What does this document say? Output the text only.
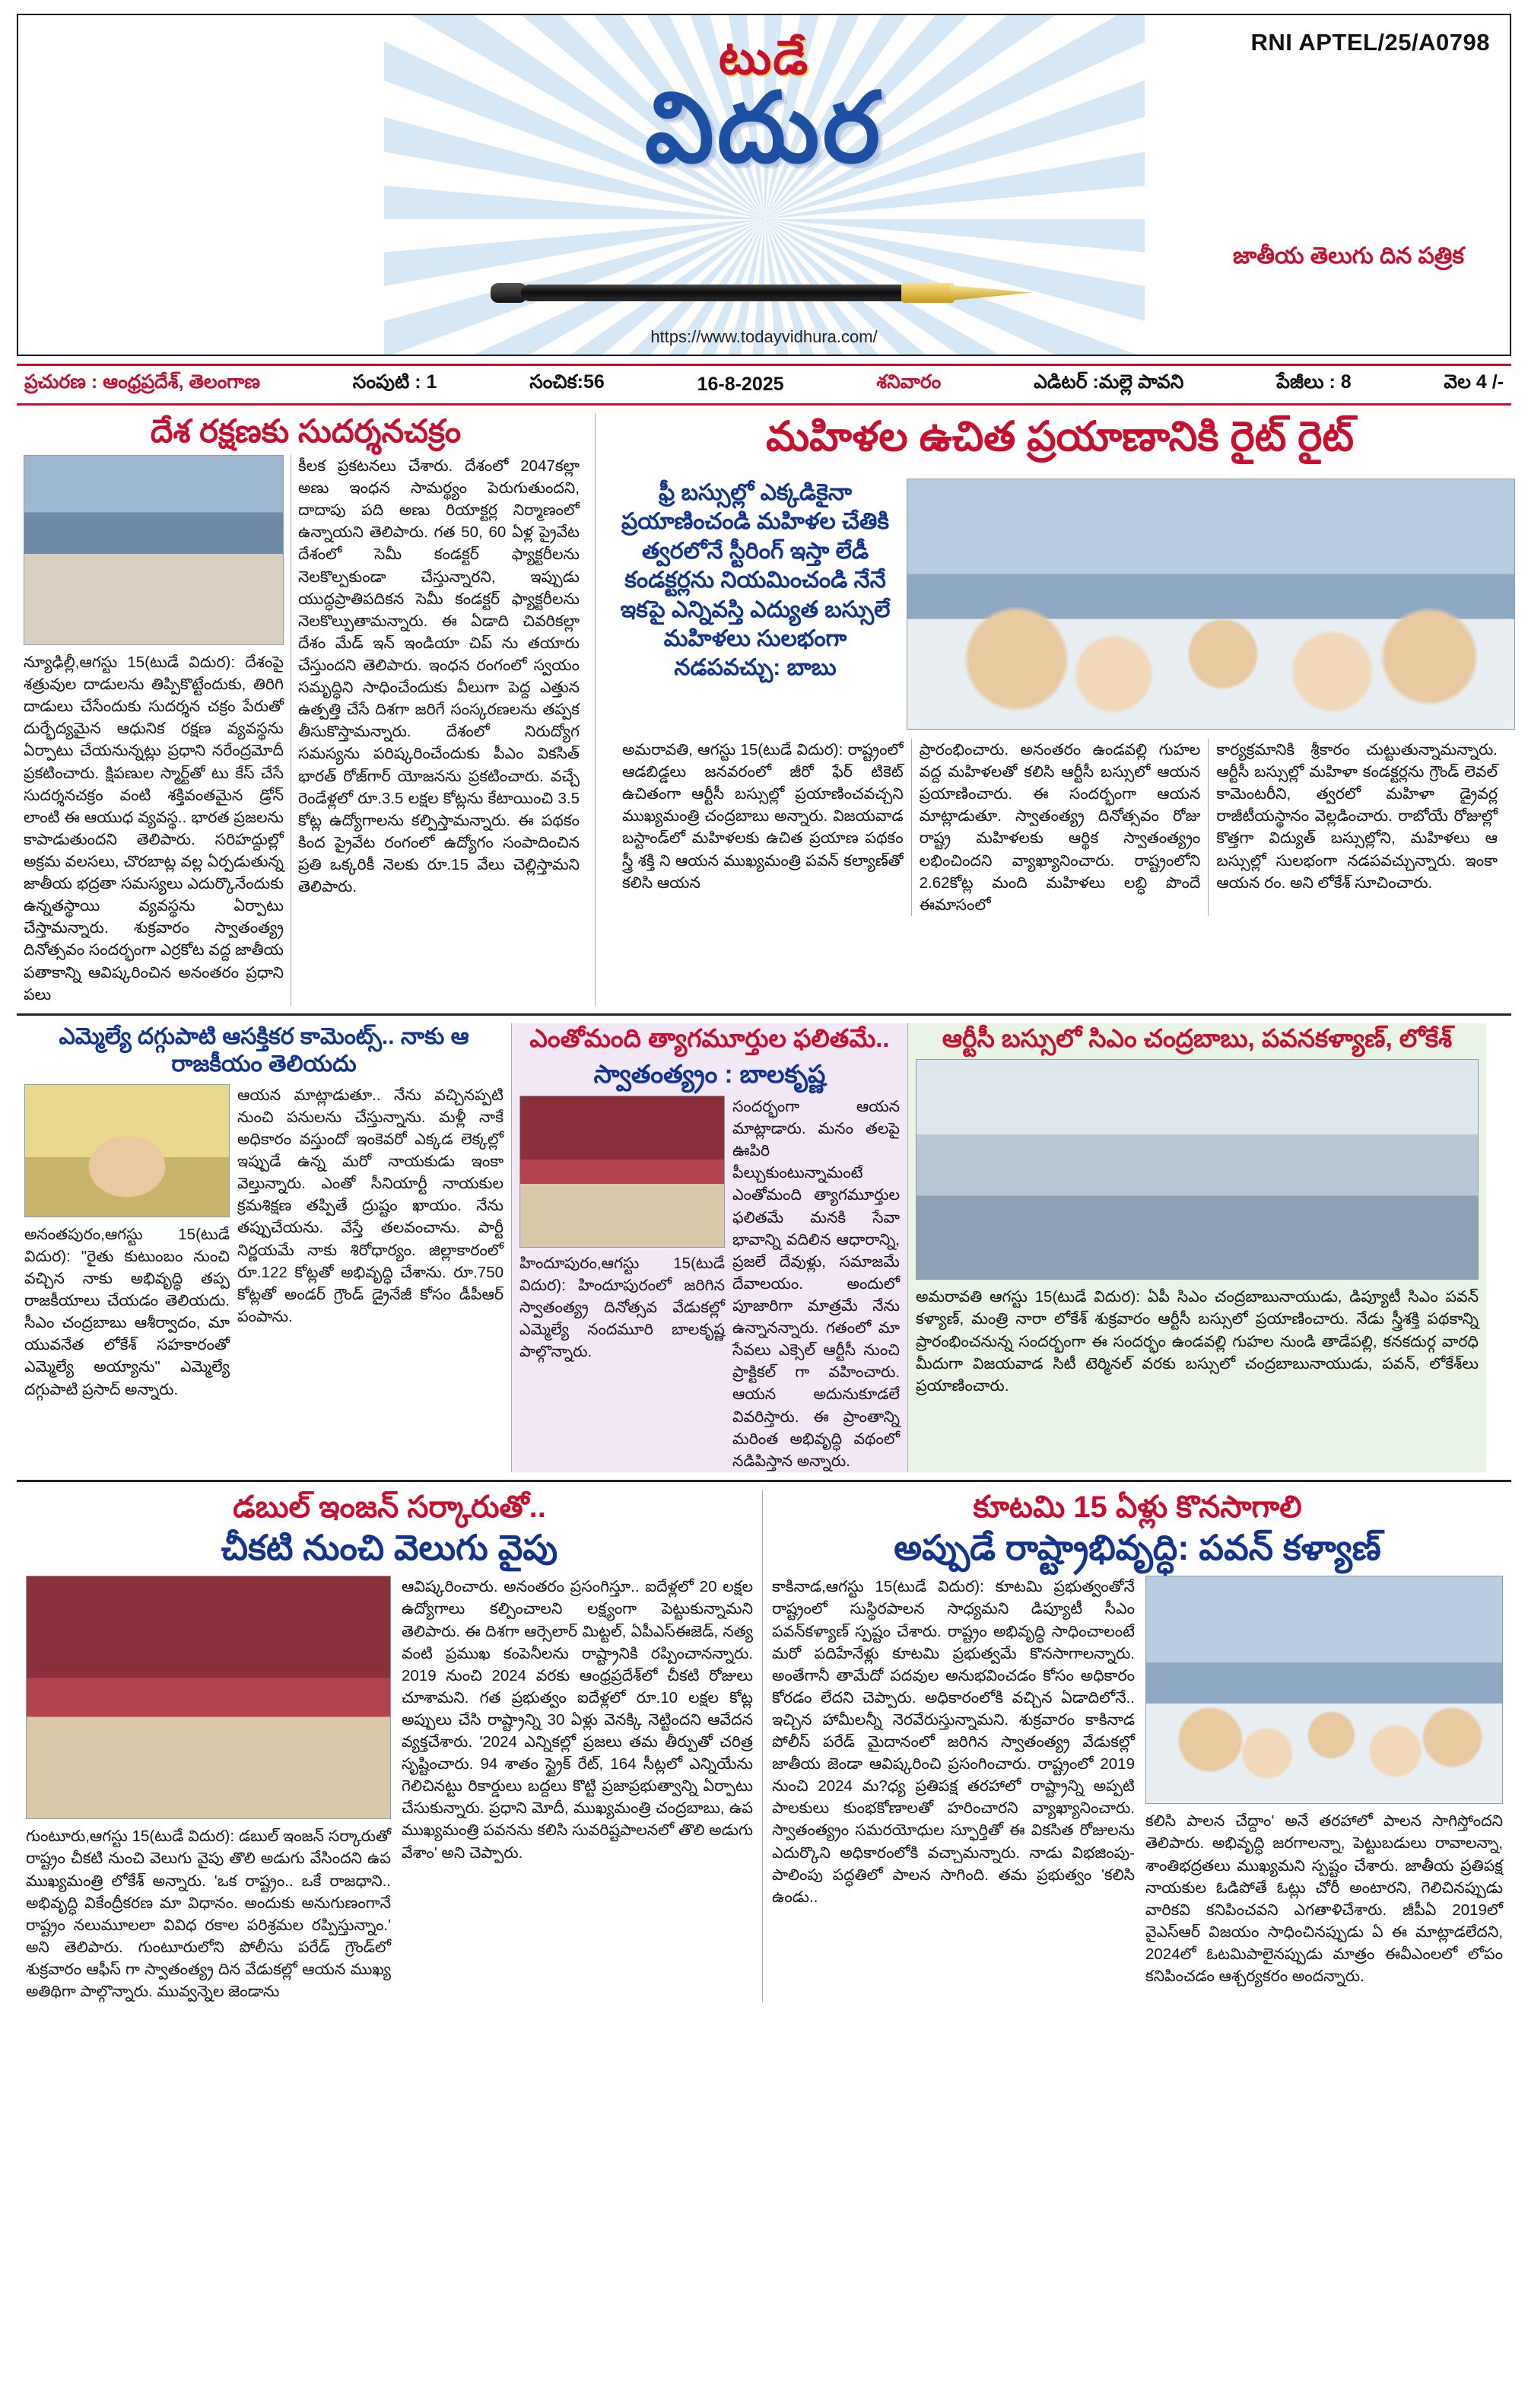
RNI APTEL/25/A0798
టుడే
విదుర
జాతీయ తెలుగు దిన పత్రిక
https://www.todayvidhura.com/
ప్రచురణ : ఆంధ్రప్రదేశ్, తెలంగాణ	సంపుటి : 1	సంచిక:56	16-8-2025	శనివారం	ఎడిటర్ :మల్లె పావని	పేజీలు : 8	వెల 4 /-
దేశ రక్షణకు సుదర్శనచక్రం
న్యూఢిల్లీ,ఆగస్టు 15(టుడే విదుర): దేశంపై శత్రువుల దాడులను తిప్పికొట్టేందుకు, తిరిగి దాడులు చేసేందుకు సుదర్శన చక్రం పేరుతో దుర్భేద్యమైన ఆధునిక రక్షణ వ్యవస్థను ఏర్పాటు చేయనున్నట్లు ప్రధాని నరేంద్రమోదీ ప్రకటించారు. క్షిపణుల స్మార్ట్‌తో టు కేస్ చేసే సుదర్శనచక్రం వంటి శక్తివంతమైన డ్రోన్ లాంటి ఈ ఆయుధ వ్యవస్థ.. భారత ప్రజలను కాపాడుతుందని తెలిపారు. సరిహద్దుల్లో అక్రమ వలసలు, చొరబాట్ల వల్ల ఏర్పడుతున్న జాతీయ భద్రతా సమస్యలు ఎదుర్కొనేందుకు ఉన్నతస్థాయి వ్యవస్థను ఏర్పాటు చేస్తామన్నారు. శుక్రవారం స్వాతంత్య్ర దినోత్సవం సందర్భంగా ఎర్రకోట వద్ద జాతీయ పతాకాన్ని ఆవిష్కరించిన అనంతరం ప్రధాని పలు
కీలక ప్రకటనలు చేశారు. దేశంలో 2047కల్లా అణు ఇంధన సామర్థ్యం పెరుగుతుందని, దాదాపు పది అణు రియాక్టర్ల నిర్మాణంలో ఉన్నాయని తెలిపారు. గత 50, 60 ఏళ్ల ప్రైవేట దేశంలో సెమీ కండక్టర్ ఫ్యాక్టరీలను నెలకొల్పకుండా చేస్తున్నారని, ఇప్పుడు యుద్ధప్రాతిపదికన సెమీ కండక్టర్ ఫ్యాక్టరీలను నెలకొల్పుతామన్నారు. ఈ ఏడాది చివరికల్లా దేశం మేడ్ ఇన్ ఇండియా చిప్ ను తయారు చేస్తుందని తెలిపారు. ఇంధన రంగంలో స్వయం సమృద్ధిని సాధించేందుకు వీలుగా పెద్ద ఎత్తున ఉత్పత్తి చేసే దిశగా జరిగే సంస్కరణలను తప్పక తీసుకొస్తామన్నారు. దేశంలో నిరుద్యోగ సమస్యను పరిష్కరించేందుకు పీఎం వికసిత్ భారత్ రోజ్‌గార్ యోజనను ప్రకటించారు. వచ్చే రెండేళ్లలో రూ.3.5 లక్షల కోట్లను కేటాయించి 3.5 కోట్ల ఉద్యోగాలను కల్పిస్తామన్నారు. ఈ పథకం కింద ప్రైవేట రంగంలో ఉద్యోగం సంపాదించిన ప్రతి ఒక్కరికీ నెలకు రూ.15 వేలు చెల్లిస్తామని తెలిపారు.
మహిళల ఉచిత ప్రయాణానికి రైట్ రైట్
ఫ్రీ బస్సుల్లో ఎక్కడికైనా ప్రయాణించండి మహిళల చేతికి త్వరలోనే స్టీరింగ్ ఇస్తా లేడీ కండక్టర్లను నియమించండి నేనే ఇకపై ఎన్నివస్తి ఎద్యుత బస్సులే మహిళలు సులభంగా నడపవచ్చు: బాబు
అమరావతి, ఆగస్టు 15(టుడే విదుర): రాష్ట్రంలో ఆడబిడ్డలు జనవరంలో జీరో ఫేర్ టికెట్ ఉచితంగా ఆర్టీసీ బస్సుల్లో ప్రయాణించవచ్చని ముఖ్యమంత్రి చంద్రబాబు అన్నారు. విజయవాడ బస్టాండ్‌లో మహిళలకు ఉచిత ప్రయాణ పథకం స్త్రీ శక్తి ని ఆయన ముఖ్యమంత్రి పవన్ కల్యాణ్‌తో కలిసి ఆయన
ప్రారంభించారు. అనంతరం ఉండవల్లి గుహల వద్ద మహిళలతో కలిసి ఆర్టీసీ బస్సులో ఆయన ప్రయాణించారు. ఈ సందర్భంగా ఆయన మాట్లాడుతూ. స్వాతంత్య్ర దినోత్సవం రోజు రాష్ట్ర మహిళలకు ఆర్థిక స్వాతంత్య్రం లభించిందని వ్యాఖ్యానించారు. రాష్ట్రంలోని 2.62కోట్ల మంది మహిళలు లబ్ధి పొందే ఈమాసంలో
కార్యక్రమానికి శ్రీకారం చుట్టుతున్నామన్నారు. ఆర్టీసీ బస్సుల్లో మహిళా కండక్టర్లను గ్రౌండ్ లెవల్ కామెంటరీని, త్వరలో మహిళా డ్రైవర్ల రాజీటీయస్థానం వెల్లడించారు. రాబోయే రోజుల్లో కొత్తగా విద్యుత్ బస్సుల్లోని, మహిళలు ఆ బస్సుల్లో సులభంగా నడపవచ్చున్నారు. ఇంకా ఆయన రం. అని లోకేశ్ సూచించారు.
ఎమ్మెల్యే దగ్గుపాటి ఆసక్తికర కామెంట్స్.. నాకు ఆ రాజకీయం తెలియదు
అనంతపురం,ఆగస్టు 15(టుడే విదుర): "రైతు కుటుంబం నుంచి వచ్చిన నాకు అభివృద్ధి తప్ప రాజకీయాలు చేయడం తెలియదు. సీఎం చంద్రబాబు ఆశీర్వాదం, మా యువనేత లోకేశ్ సహకారంతో ఎమ్మెల్యే అయ్యాను" ఎమ్మెల్యే దగ్గుపాటి ప్రసాద్ అన్నారు.
ఆయన మాట్లాడుతూ.. నేను వచ్చినప్పటి నుంచి పనులను చేస్తున్నాను. మళ్లీ నాకే అధికారం వస్తుందో ఇంకెవరో ఎక్కడ లెక్కల్లో ఇప్పుడే ఉన్న మరో నాయకుడు ఇంకా వెల్తున్నారు. ఎంతో సీనియార్టీ నాయకుల క్రమశిక్షణ తప్పితే ద్రుష్టం ఖాయం. నేను తప్పుచేయను. వేస్తే తలవంచాను. పార్టీ నిర్ణయమే నాకు శిరోధార్యం. జిల్లాకారంలో రూ.122 కోట్లతో అభివృద్ధి చేశాను. రూ.750 కోట్లతో అండర్ గ్రౌండ్ డ్రైనేజీ కోసం డీపీఆర్ పంపాను.
ఎంతోమంది త్యాగమూర్తుల ఫలితమే..
స్వాతంత్య్రం : బాలకృష్ణ
హిందూపురం,ఆగస్టు 15(టుడే విదుర): హిందూపురంలో జరిగిన స్వాతంత్య్ర దినోత్సవ వేడుకల్లో ఎమ్మెల్యే నందమూరి బాలకృష్ణ పాల్గొన్నారు.
సందర్భంగా ఆయన మాట్లాడారు. మనం తలపై ఊపిరి పీల్చుకుంటున్నామంటే ఎంతోమంది త్యాగమూర్తుల ఫలితమే మనకి సేవా భావాన్ని వదిలిన ఆధారాన్ని, ప్రజలే దేవుళ్లు, సమాజమే దేవాలయం. అందులో పూజారిగా మాత్రమే నేను ఉన్నానన్నారు. గతంలో మా సేవలు ఎక్సెల్ ఆర్టీసీ నుంచి ప్రాక్టికల్ గా వహించారు. ఆయన అదునుకూడలే వివరిస్తారు. ఈ ప్రాంతాన్ని మరింత అభివృద్ధి వథంలో నడిపిస్తాన అన్నారు.
ఆర్టీసీ బస్సులో సిఎం చంద్రబాబు, పవనకళ్యాణ్, లోకేశ్
అమరావతి ఆగస్టు 15(టుడే విదుర): ఏపీ సిఎం చంద్రబాబునాయుడు, డిప్యూటీ సిఎం పవన్ కళ్యాణ్, మంత్రి నారా లోకేశ్ శుక్రవారం ఆర్టీసీ బస్సులో ప్రయాణించారు. నేడు స్త్రీశక్తి పథకాన్ని ప్రారంభించనున్న సందర్భంగా ఈ సందర్భం ఉండవల్లి గుహల నుండి తాడేపల్లి, కనకదుర్గ వారధి మీదుగా విజయవాడ సిటీ టెర్మినల్ వరకు బస్సులో చంద్రబాబునాయుడు, పవన్, లోకేశ్‌లు ప్రయాణించారు.
డబుల్ ఇంజన్ సర్కారుతో..
చీకటి నుంచి వెలుగు వైపు
గుంటూరు,ఆగస్టు 15(టుడే విదుర): డబుల్ ఇంజన్ సర్కారుతో రాష్ట్రం చీకటి నుంచి వెలుగు వైపు తొలి అడుగు వేసిందని ఉప ముఖ్యమంత్రి లోకేశ్ అన్నారు. 'ఒక రాష్ట్రం.. ఒకే రాజధాని.. అభివృద్ధి వికేంద్రీకరణ మా విధానం. అందుకు అనుగుణంగానే రాష్ట్రం నలుమూలలా వివిధ రకాల పరిశ్రమల రప్పిస్తున్నాం.' అని తెలిపారు. గుంటూరులోని పోలీసు పరేడ్ గ్రౌండ్‌లో శుక్రవారం ఆఫీస్ గా స్వాతంత్య్ర దిన వేడుకల్లో ఆయన ముఖ్య అతిథిగా పాల్గొన్నారు. మువ్వన్నెల జెండాను
ఆవిష్కరించారు. అనంతరం ప్రసంగిస్తూ.. ఐదేళ్లలో 20 లక్షల ఉద్యోగాలు కల్పించాలని లక్ష్యంగా పెట్టుకున్నామని తెలిపారు. ఈ దిశగా ఆర్సెలార్ మిట్టల్, ఏపీఎస్ఈజెడ్, నత్య వంటి ప్రముఖ కంపెనీలను రాష్ట్రానికి రప్పించానన్నారు. 2019 నుంచి 2024 వరకు ఆంధ్రప్రదేశ్‌లో చీకటి రోజులు చూశామని. గత ప్రభుత్వం ఐదేళ్లలో రూ.10 లక్షల కోట్ల అప్పులు చేసి రాష్ట్రాన్ని 30 ఏళ్లు వెనక్కి నెట్టిందని ఆవేదన వ్యక్తచేశారు. '2024 ఎన్నికల్లో ప్రజలు తమ తీర్పుతో చరిత్ర సృష్టించారు. 94 శాతం స్ట్రైక్ రేట్, 164 సీట్లలో ఎన్నియేను గెలిచినట్టు రికార్డులు బద్దలు కొట్టి ప్రజాప్రభుత్వాన్ని ఏర్పాటు చేసుకున్నారు. ప్రధాని మోదీ, ముఖ్యమంత్రి చంద్రబాబు, ఉప ముఖ్యమంత్రి పవనను కలిసి సువరిష్టపాలనలో తొలి అడుగు వేశాం' అని చెప్పారు.
కూటమి 15 ఏళ్లు కొనసాగాలి
అప్పుడే రాష్ట్రాభివృద్ధి: పవన్ కళ్యాణ్
కాకినాడ,ఆగస్టు 15(టుడే విదుర): కూటమి ప్రభుత్వంతోనే రాష్ట్రంలో సుస్థిరపాలన సాధ్యమని డిప్యూటీ సీఎం పవన్‌కళ్యాణ్ స్పష్టం చేశారు. రాష్ట్రం అభివృద్ధి సాధించాలంటే మరో పదిహేనేళ్లు కూటమి ప్రభుత్వమే కొనసాగాలన్నారు. అంతేగానీ తామేదో పదవుల అనుభవించడం కోసం అధికారం కోరడం లేదని చెప్పారు. అధికారంలోకి వచ్చిన ఏడాదిలోనే.. ఇచ్చిన హామీలన్నీ నెరవేరుస్తున్నామని. శుక్రవారం కాకినాడ పోలీస్ పరేడ్ మైదానంలో జరిగిన స్వాతంత్య్ర వేడుకల్లో జాతీయ జెండా ఆవిష్కరించి ప్రసంగించారు. రాష్ట్రంలో 2019 నుంచి 2024 మ?ధ్య ప్రతిపక్ష తరహాలో రాష్ట్రాన్ని అప్పటి పాలకులు కుంభకోణాలతో హరించారని వ్యాఖ్యానించారు. స్వాతంత్య్రం సమరయోధుల స్ఫూర్తితో ఈ వికసిత రోజులను ఎదుర్కొని అధికారంలోకి వచ్చామన్నారు. నాడు విభజింపు-పాలింపు పద్ధతిలో పాలన సాగింది. తమ ప్రభుత్వం 'కలిసి ఉండు..
కలిసి పాలన చేద్దాం' అనే తరహాలో పాలన సాగిస్తోందని తెలిపారు. అభివృద్ధి జరగాలన్నా, పెట్టుబడులు రావాలన్నా, శాంతిభద్రతలు ముఖ్యమని స్పష్టం చేశారు. జాతీయ ప్రతిపక్ష నాయకుల ఓడిపోతే ఓట్లు చోరీ అంటారని, గెలిచినప్పుడు వారికవి కనిపించవని ఎగతాళిచేశారు. జీపీఏ 2019లో వైఎస్ఆర్ విజయం సాధించినప్పుడు ఏ ఈ మాట్లాడలేదని, 2024లో ఓటమిపాలైనప్పుడు మాత్రం ఈవీఎంలలో లోపం కనిపించడం ఆశ్చర్యకరం అందన్నారు.
